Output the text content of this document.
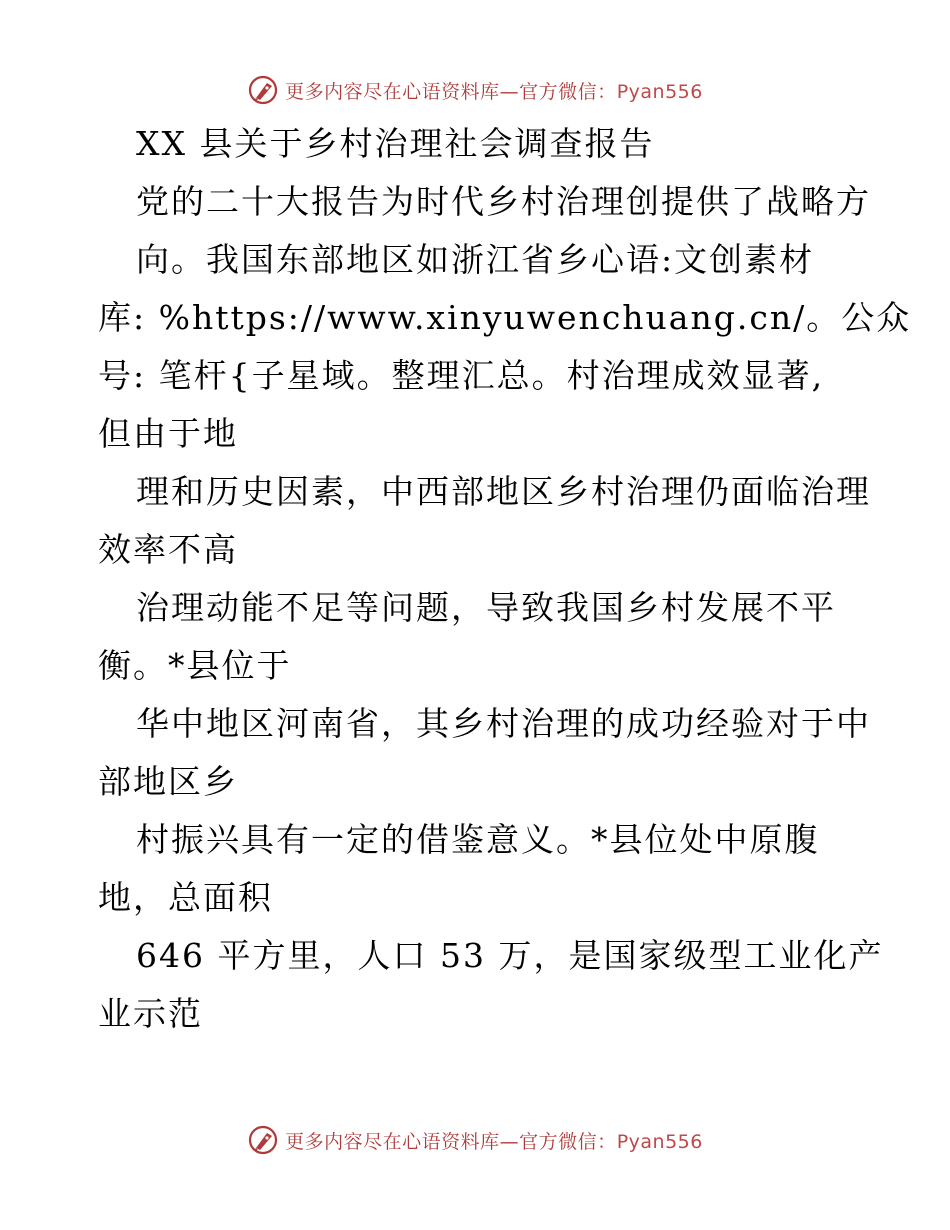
更多内容尽在心语资料库—官方微信：Pyan556
XX 县关于乡村治理社会调查报告
党的二十大报告为时代乡村治理创提供了战略方
向。我国东部地区如浙江省乡心语:文创素材
库: %https://www.xinyuwenchuang.cn/。公众
号: 笔杆{子星域。整理汇总。村治理成效显著,
但由于地
理和历史因素，中西部地区乡村治理仍面临治理
效率不高
治理动能不足等问题，导致我国乡村发展不平
衡。*县位于
华中地区河南省，其乡村治理的成功经验对于中
部地区乡
村振兴具有一定的借鉴意义。*县位处中原腹
地，总面积
646 平方里，人口 53 万，是国家级型工业化产
业示范
更多内容尽在心语资料库—官方微信：Pyan556
